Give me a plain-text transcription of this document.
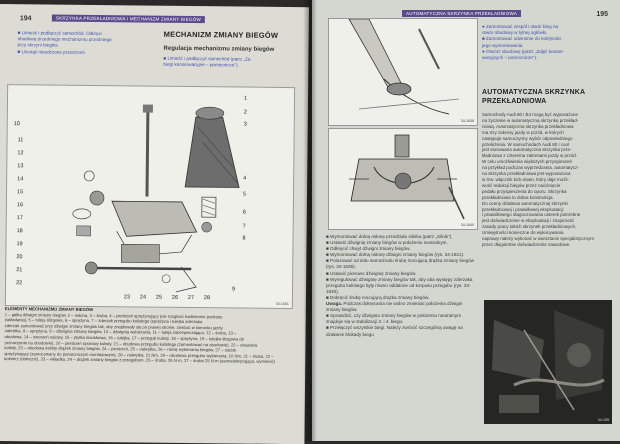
194	SKRZYNKA PRZEKŁADNIOWA I MECHANIZM ZMIANY BIEGÓW
■ Umieść i podłączyć samochód. Odkręci
obudowę przedniego mechanizmu przedniego
przy skrzyni biegów.
■ Usunąć nieodczone przestrzeń.
MECHANIZM ZMIANY BIEGÓW
Regulacja mechanizmu zmiany biegów
■ Umieść i podłączyć samochód (patrz „Za
biegi konserwacyjne – pomocnicze").
1
2
3
4
5
6
7
8
9
10
11
12
13
14
15
16
17
18
19
20
21
22
23 24 25 26 27 28
34-1601
ELEMENTY MECHANIZMU ZMIANY BIEGÓW
1 – gałka dźwigni zmiany biegów, 2 – osłona, 3 – śruba, 4 – pierścień sprężynujący (nie rozginać hadmiernie podczas
zakładania), 5 – tuleja ślizgowa, 6 – sprężyna, 7 – zderzak przegubu kulistego (sprężyna i tulejka zderzaka
zderzak zamontować przy dźwigni zmiany biegów tak, aby znajdowały się po prawej stronie, zwrócić w kierunku jazdy
nakrętka, 8 – sprężyna, 9 – dźwignia zmiany biegów, 10 – dźwignia wybierania, 11 – tuleja zabezpieczająca, 12 – śruba, 13 –
obudowa, 14 – sworzeń osiowy, 15 – płytka dociskowa, 16 – tulejka, 17 – przegub kulisty, 18 – sprężyna, 19 – tulejka ślizgowa do
(oznaczenie na obudowie), 20 – pierścień oporowy kulisty, 21 – obudowa przegubu kulistego (zamontować na obudowie), 22 – obudowa
kolisty, 23 – obudowa kolisty drążek zmiany biegów, 24 – pierścień, 25 – nakrętka, 26 – ramię wybierania biegów, 27 – zacisk
sprężynujący (zamocowany do pomocniczym montażowym), 28 – nakrętka; 21 Nm, 29 – obudowa przegubu wybierania; 10 Nm, 21 – śruba, 22 –
kołnierz (dokręcić), 23 – wkładka, 24 – drążek zmiany biegów z przegubem, 25 – śruba, 26 N·m, 27 – śruba 25 N·m (samodokręcająca, wymienić)
AUTOMATYCZNA SKRZYNKA PRZEKŁADNIOWA	195
34-1838
34-1840
● Zamontować zespół i otwór bieg na
otwór obudowy w tylnej ogłówki.
■ Zamontować odwrotnie do kolejności
jego wymontowania.
● Otwórz obudowę (patrz „Zdjęć konser-
wacyjnych – pomocnicze").
AUTOMATYCZNA SKRZYNKA PRZEKŁADNIOWA
Samochody Audi 80 i B4 mogą być wyposażone
na życzenie w automatyczną skrzynkę przekład-
niową. Automatyczna skrzynka przekładniowa
ma trzy zakresy jazdy w przód, w których
następuje samoczynny wybór odpowiedniego
przełożenia. W samochodach Audi 80 i cool
jest stosowana automatyczna skrzynka prze-
kładniowa z czterema zakresami jazdy w przód.
W celu umożliwienia większych przyspieszeń
na przykład podczas wyprzedzania, automatycz-
na skrzynka przekładniowa jest wyposażona
w tzw. włącznik kick-down, który daje możli-
wość redukcji biegów przez naciśnięcie
pedału przyspieszenia do oporu. Skrzynka
przekładniowa to dobra konstrukcja.
Do oceny działania automatycznej skrzynki
przekładniowej i prawidłowej eksploatacji
i prawidłowego diagnozowania usterek potrzebne
jest doświadczenie w eksploatacji i znajomość
zasady pracy takich skrzynek przekładniowych.
Umiejętności konieczne do wykonywania
naprawy należy wykonać w warsztacie specjalistycznym
przez długoletnie doświadczenie zawodowe.
■ Wymontować dolną osłonę przedziału silnika (patrz „Silnik").
■ Ustawić dźwignię zmiany biegów w położeniu neutralnym.
■ Odkręcić chwyt dźwigni zmiany biegów.
■ Wymontować dolną osłonę dźwigni zmiany biegów (rys. 34-1821).
■ Poluzować od dołu samochodu śrubę mocującą drążka zmiany biegów (rys. 34-1839).
■ Ustawić pionowo dźwignię zmiany biegów.
■ Wyregulować dźwignię zmiany biegów tak, aby oba występy zderzaka przegubu kulistego były równo oddalone od korpusu przegubu (rys. 34-1840).
■ Dokręcić śrubę mocującą drążka zmiany biegów.
Uwaga. Podczas dokręcania nie wolno zmieniać położenia dźwigni zmiany biegów.
■ Sprawdzić, czy dźwignia zmiany biegów w położeniu neutralnym znajduje się w stabilizacji 3. i 4. biegu.
■ Przełączyć wszystkie biegi. Należy zwrócić szczególną uwagę na działanie blokady biegu
34-159
